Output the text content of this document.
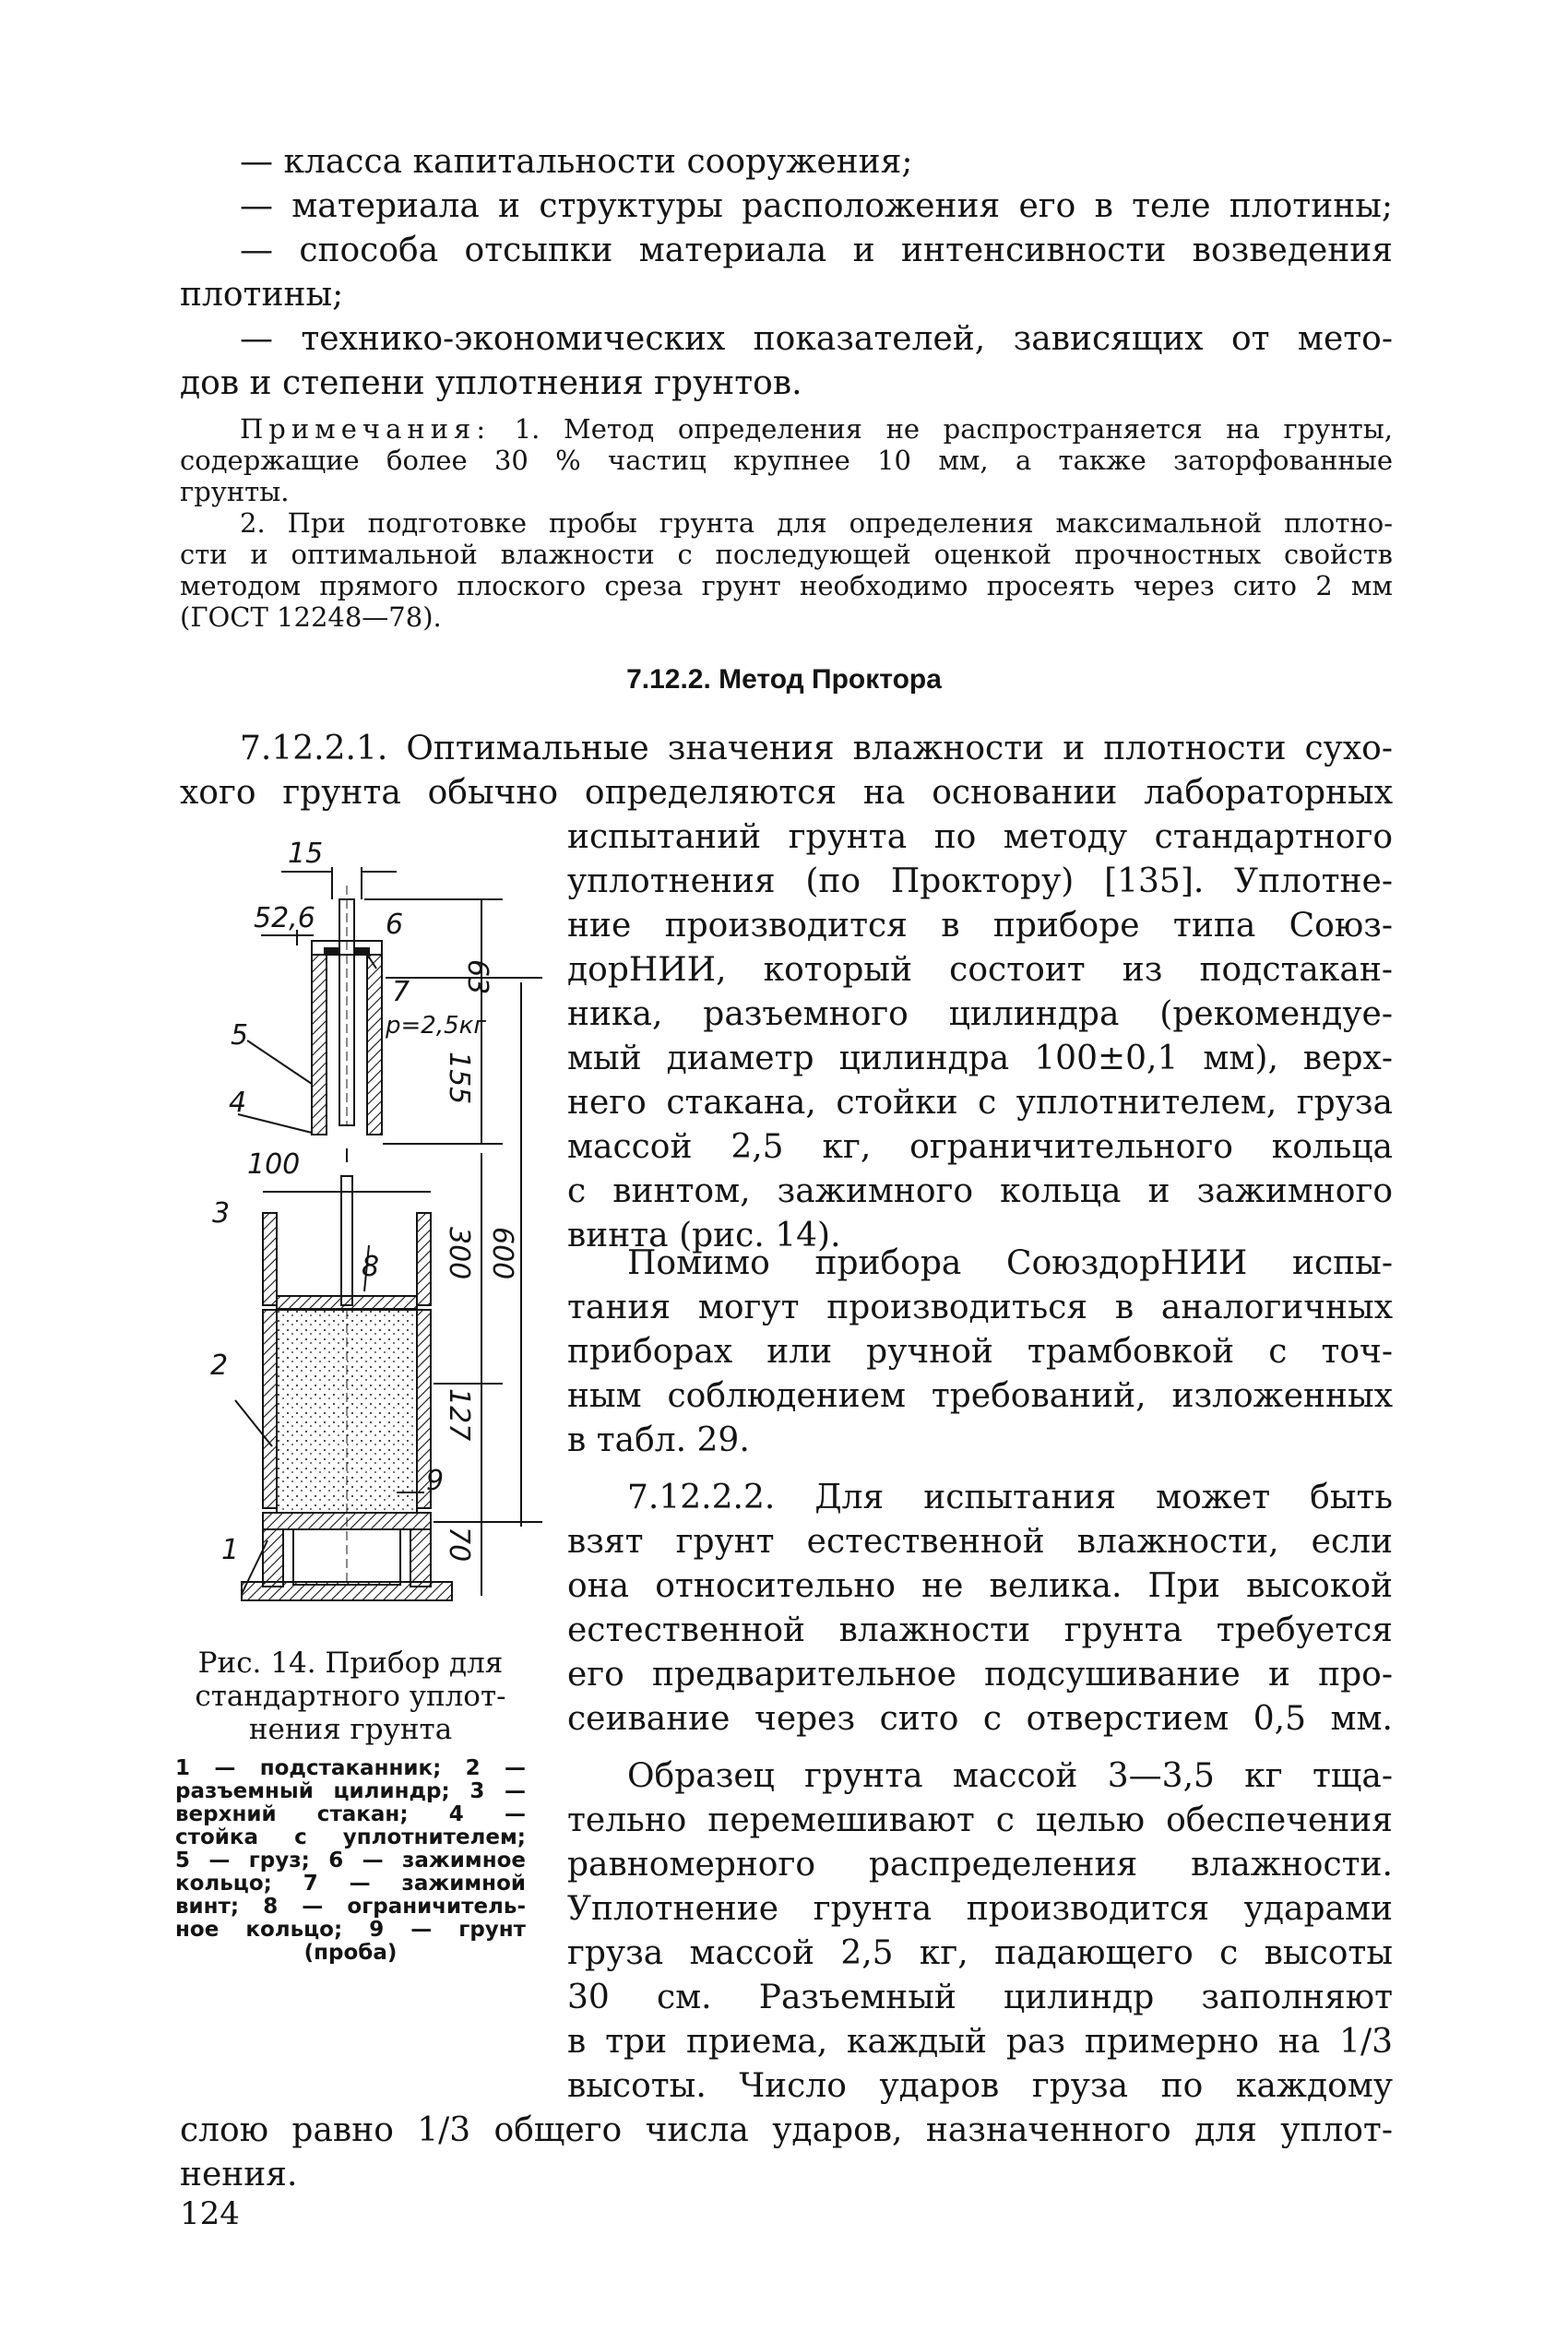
— класса капитальности сооружения;
— материала и структуры расположения его в теле плотины;
— способа отсыпки материала и интенсивности возведения
плотины;
— технико-экономических показателей, зависящих от мето-
дов и степени уплотнения грунтов.
Примечания: 1. Метод определения не распространяется на грунты,
содержащие более 30 % частиц крупнее 10 мм, а также заторфованные
грунты.
2. При подготовке пробы грунта для определения максимальной плотно-
сти и оптимальной влажности с последующей оценкой прочностных свойств
методом прямого плоского среза грунт необходимо просеять через сито 2 мм
(ГОСТ 12248—78).
7.12.2. Метод Проктора
7.12.2.1. Оптимальные значения влажности и плотности сухо-
хого грунта обычно определяются на основании лабораторных
испытаний грунта по методу стандартного
уплотнения (по Проктору) [135]. Уплотне-
ние производится в приборе типа Союз-
дорНИИ, который состоит из подстакан-
ника, разъемного цилиндра (рекомендуе-
мый диаметр цилиндра 100±0,1 мм), верх-
него стакана, стойки с уплотнителем, груза
массой 2,5 кг, ограничительного кольца
с винтом, зажимного кольца и зажимного
винта (рис. 14).
Помимо прибора СоюздорНИИ испы-
тания могут производиться в аналогичных
приборах или ручной трамбовкой с точ-
ным соблюдением требований, изложенных
в табл. 29.
7.12.2.2. Для испытания может быть
взят грунт естественной влажности, если
она относительно не велика. При высокой
естественной влажности грунта требуется
его предварительное подсушивание и про-
сеивание через сито с отверстием 0,5 мм.
Образец грунта массой 3—3,5 кг тща-
тельно перемешивают с целью обеспечения
равномерного распределения влажности.
Уплотнение грунта производится ударами
груза массой 2,5 кг, падающего с высоты
30 см. Разъемный цилиндр заполняют
в три приема, каждый раз примерно на 1/3
высоты. Число ударов груза по каждому
слою равно 1/3 общего числа ударов, назначенного для уплот-
нения.
15
52,6	6
7
p=2,5кг
5
4
100
3
8
2
9
1
63
155
300 600
127
70
Рис. 14. Прибор для
стандартного уплот-
нения грунта
1 — подстаканник; 2 —
разъемный цилиндр; 3 —
верхний стакан; 4 —
стойка с уплотнителем;
5 — груз; 6 — зажимное
кольцо; 7 — зажимной
винт; 8 — ограничитель-
ное кольцо; 9 — грунт
(проба)
124
